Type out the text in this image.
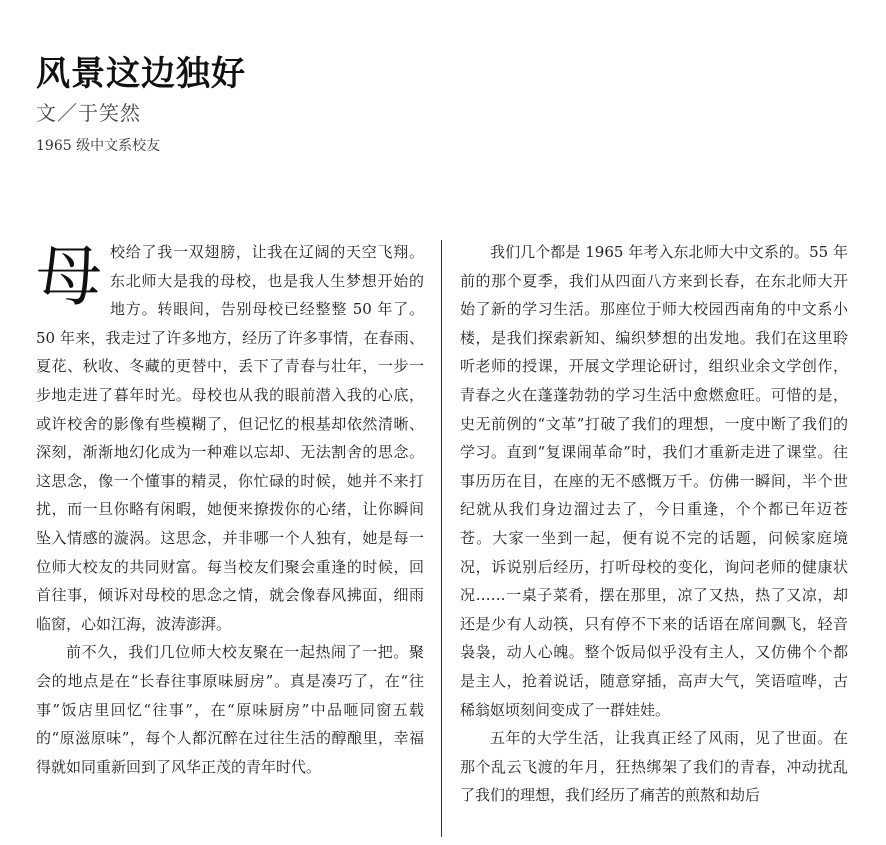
风景这边独好
文／于笑然
1965 级中文系校友

母校给了我一双翅膀，让我在辽阔的天空飞翔。东北师大是我的母校，也是我人生梦想开始的地方。转眼间，告别母校已经整整 50 年了。50 年来，我走过了许多地方，经历了许多事情，在春雨、夏花、秋收、冬藏的更替中，丢下了青春与壮年，一步一步地走进了暮年时光。母校也从我的眼前潜入我的心底，或许校舍的影像有些模糊了，但记忆的根基却依然清晰、深刻，渐渐地幻化成为一种难以忘却、无法割舍的思念。这思念，像一个懂事的精灵，你忙碌的时候，她并不来打扰，而一旦你略有闲暇，她便来撩拨你的心绪，让你瞬间坠入情感的漩涡。这思念，并非哪一个人独有，她是每一位师大校友的共同财富。每当校友们聚会重逢的时候，回首往事，倾诉对母校的思念之情，就会像春风拂面，细雨临窗，心如江海，波涛澎湃。

前不久，我们几位师大校友聚在一起热闹了一把。聚会的地点是在“长春往事原味厨房”。真是凑巧了，在“往事”饭店里回忆“往事”，在“原味厨房”中品咂同窗五载的“原滋原味”，每个人都沉醉在过往生活的醇酿里，幸福得就如同重新回到了风华正茂的青年时代。

我们几个都是 1965 年考入东北师大中文系的。55 年前的那个夏季，我们从四面八方来到长春，在东北师大开始了新的学习生活。那座位于师大校园西南角的中文系小楼，是我们探索新知、编织梦想的出发地。我们在这里聆听老师的授课，开展文学理论研讨，组织业余文学创作，青春之火在蓬蓬勃勃的学习生活中愈燃愈旺。可惜的是，史无前例的“文革”打破了我们的理想，一度中断了我们的学习。直到“复课闹革命”时，我们才重新走进了课堂。往事历历在目，在座的无不感慨万千。仿佛一瞬间，半个世纪就从我们身边溜过去了，今日重逢，个个都已年迈苍苍。大家一坐到一起，便有说不完的话题，问候家庭境况，诉说别后经历，打听母校的变化，询问老师的健康状况……一桌子菜肴，摆在那里，凉了又热，热了又凉，却还是少有人动筷，只有停不下来的话语在席间飘飞，轻音袅袅，动人心魄。整个饭局似乎没有主人，又仿佛个个都是主人，抢着说话，随意穿插，高声大气，笑语喧哗，古稀翁妪顷刻间变成了一群娃娃。

五年的大学生活，让我真正经了风雨，见了世面。在那个乱云飞渡的年月，狂热绑架了我们的青春，冲动扰乱了我们的理想，我们经历了痛苦的煎熬和劫后
